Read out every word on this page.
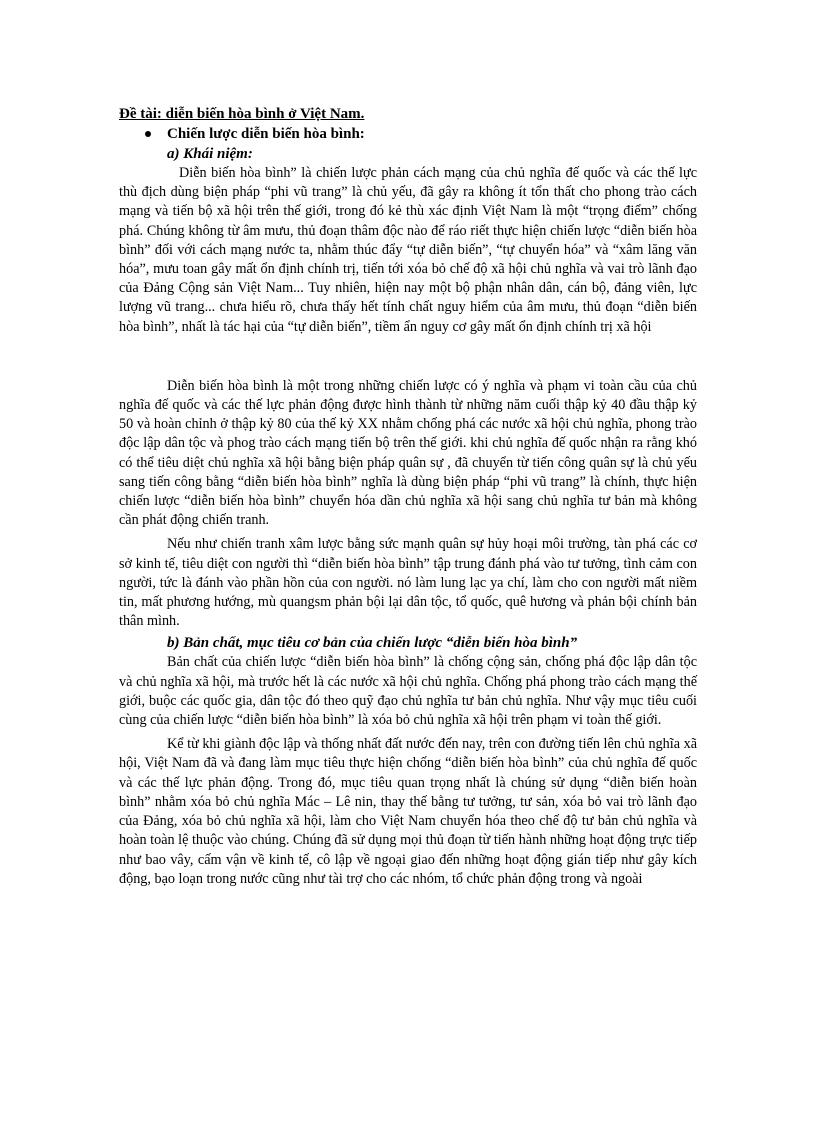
Đề tài: diễn biến hòa bình ở Việt Nam.

Chiến lược diễn biến hòa bình:

a) Khái niệm:

Diễn biến hòa bình” là chiến lược phản cách mạng của chủ nghĩa đế quốc và các thế lực thù địch dùng biện pháp “phi vũ trang” là chủ yếu, đã gây ra không ít tổn thất cho phong trào cách mạng và tiến bộ xã hội trên thế giới, trong đó kẻ thù xác định Việt Nam là một “trọng điểm” chống phá. Chúng không từ âm mưu, thủ đoạn thâm độc nào để ráo riết thực hiện chiến lược “diễn biến hòa bình” đối với cách mạng nước ta, nhằm thúc đẩy “tự diễn biến”, “tự chuyển hóa” và “xâm lăng văn hóa”, mưu toan gây mất ổn định chính trị, tiến tới xóa bỏ chế độ xã hội chủ nghĩa và vai trò lãnh đạo của Đảng Cộng sản Việt Nam... Tuy nhiên, hiện nay một bộ phận nhân dân, cán bộ, đảng viên, lực lượng vũ trang... chưa hiểu rõ, chưa thấy hết tính chất nguy hiểm của âm mưu, thủ đoạn “diễn biến hòa bình”, nhất là tác hại của “tự diễn biến”, tiềm ẩn nguy cơ gây mất ổn định chính trị xã hội

Diễn biến hòa bình là một trong những chiến lược có ý nghĩa và phạm vi toàn cầu của chủ nghĩa đế quốc và các thế lực phản động được hình thành từ những năm cuối thập kỷ 40 đầu thập kỷ 50 và hoàn chỉnh ở thập kỷ 80 của thế kỷ XX nhằm chống phá các nước xã hội chủ nghĩa, phong trào độc lập dân tộc và phog trào cách mạng tiến bộ trên thế giới. khi chủ nghĩa đế quốc nhận ra rằng khó có thể tiêu diệt chủ nghĩa xã hội bằng biện pháp quân sự , đã chuyển từ tiến công quân sự là chủ yếu sang tiến công bằng “diễn biến hòa bình” nghĩa là dùng biện pháp “phi vũ trang” là chính, thực hiện chiến lược “diễn biến hòa bình” chuyển hóa dần chủ nghĩa xã hội sang chủ nghĩa tư bản mà không cần phát động chiến tranh.

Nếu như chiến tranh xâm lược bằng sức mạnh quân sự hủy hoại môi trường, tàn phá các cơ sở kinh tế, tiêu diệt con người thì “diễn biến hòa bình” tập trung đánh phá vào tư tưởng, tình cảm con người, tức là đánh vào phần hồn của con người. nó làm lung lạc ya chí, làm cho con người mất niềm tin, mất phương hướng, mù quangsm phản bội lại dân tộc, tổ quốc, quê hương và phản bội chính bản thân mình.

b) Bản chất, mục tiêu cơ bản của chiến lược “diễn biến hòa bình”

Bản chất của chiến lược “diễn biến hòa bình” là chống cộng sản, chống phá độc lập dân tộc và chủ nghĩa xã hội, mà trước hết là các nước xã hội chủ nghĩa. Chống phá phong trào cách mạng thế giới, buộc các quốc gia, dân tộc đó theo quỹ đạo chủ nghĩa tư bản chủ nghĩa. Như vậy mục tiêu cuối cùng của chiến lược “diễn biến hòa bình” là xóa bỏ chủ nghĩa xã hội trên phạm vi toàn thế giới.

Kể từ khi giành độc lập và thống nhất đất nước đến nay, trên con đường tiến lên chủ nghĩa xã hội, Việt Nam đã và đang làm mục tiêu thực hiện chống “diễn biến hòa bình” của chủ nghĩa đế quốc và các thế lực phản động. Trong đó, mục tiêu quan trọng nhất là chúng sử dụng “diễn biến hoàn bình” nhằm xóa bỏ chủ nghĩa Mác – Lê nin, thay thế bằng tư tưởng, tư sản, xóa bỏ vai trò lãnh đạo của Đảng, xóa bỏ chủ nghĩa xã hội, làm cho Việt Nam chuyển hóa theo chế độ tư bản chủ nghĩa và hoàn toàn lệ thuộc vào chúng. Chúng đã sử dụng mọi thủ đoạn từ tiến hành những hoạt động trực tiếp như bao vây, cấm vận về kinh tế, cô lập về ngoại giao đến những hoạt động gián tiếp như gây kích động, bạo loạn trong nước cũng như tài trợ cho các nhóm, tổ chức phản động trong và ngoài
